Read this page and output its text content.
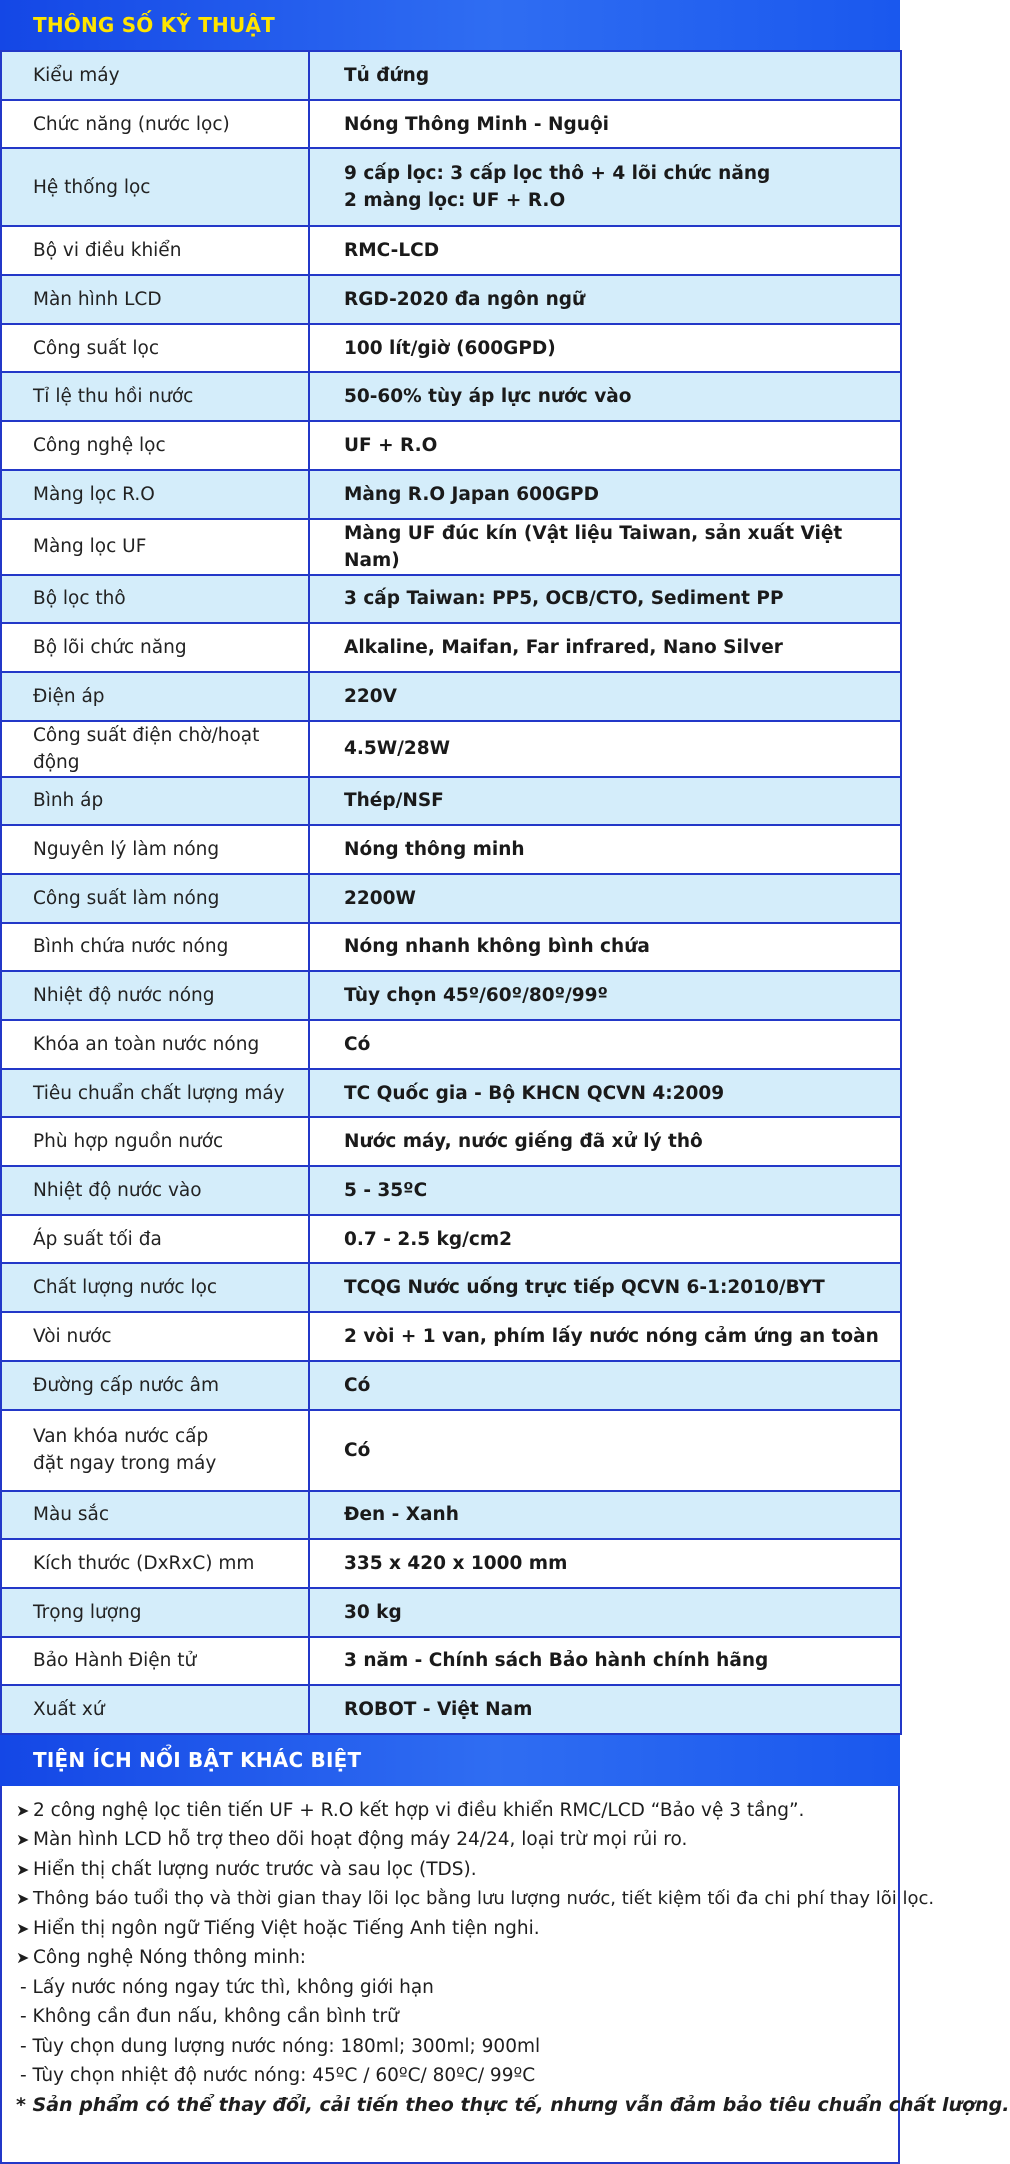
THÔNG SỐ KỸ THUẬT
Kiểu máy	Tủ đứng
Chức năng (nước lọc)	Nóng Thông Minh - Nguội
Hệ thống lọc	9 cấp lọc: 3 cấp lọc thô + 4 lõi chức năng
2 màng lọc: UF + R.O

Bộ vi điều khiển	RMC-LCD
Màn hình LCD	RGD-2020 đa ngôn ngữ
Công suất lọc	100 lít/giờ (600GPD)
Tỉ lệ thu hồi nước	50-60% tùy áp lực nước vào
Công nghệ lọc	UF + R.O
Màng lọc R.O	Màng R.O Japan 600GPD
Màng lọc UF	Màng UF đúc kín (Vật liệu Taiwan, sản xuất Việt Nam)
Bộ lọc thô	3 cấp Taiwan: PP5, OCB/CTO, Sediment PP
Bộ lõi chức năng	Alkaline, Maifan, Far infrared, Nano Silver
Điện áp	220V
Công suất điện chờ/hoạt động	4.5W/28W
Bình áp	Thép/NSF
Nguyên lý làm nóng	Nóng thông minh
Công suất làm nóng	2200W
Bình chứa nước nóng	Nóng nhanh không bình chứa
Nhiệt độ nước nóng	Tùy chọn 45º/60º/80º/99º
Khóa an toàn nước nóng	Có
Tiêu chuẩn chất lượng máy	TC Quốc gia - Bộ KHCN QCVN 4:2009
Phù hợp nguồn nước	Nước máy, nước giếng đã xử lý thô
Nhiệt độ nước vào	5 - 35ºC
Áp suất tối đa	0.7 - 2.5 kg/cm2
Chất lượng nước lọc	TCQG Nước uống trực tiếp QCVN 6-1:2010/BYT
Vòi nước	2 vòi + 1 van, phím lấy nước nóng cảm ứng an toàn
Đường cấp nước âm	Có

Van khóa nước cấp
đặt ngay trong máy	Có
Màu sắc	Đen - Xanh
Kích thước (DxRxC) mm	335 x 420 x 1000 mm
Trọng lượng	30 kg
Bảo Hành Điện tử	3 năm - Chính sách Bảo hành chính hãng
Xuất xứ	ROBOT - Việt Nam
TIỆN ÍCH NỔI BẬT KHÁC BIỆT
➤ 2 công nghệ lọc tiên tiến UF + R.O kết hợp vi điều khiển RMC/LCD “Bảo vệ 3 tầng”.
➤ Màn hình LCD hỗ trợ theo dõi hoạt động máy 24/24, loại trừ mọi rủi ro.
➤ Hiển thị chất lượng nước trước và sau lọc (TDS).
➤ Thông báo tuổi thọ và thời gian thay lõi lọc bằng lưu lượng nước, tiết kiệm tối đa chi phí thay lõi lọc.
➤ Hiển thị ngôn ngữ Tiếng Việt hoặc Tiếng Anh tiện nghi.
➤ Công nghệ Nóng thông minh:
- Lấy nước nóng ngay tức thì, không giới hạn
- Không cần đun nấu, không cần bình trữ
- Tùy chọn dung lượng nước nóng: 180ml; 300ml; 900ml
- Tùy chọn nhiệt độ nước nóng: 45ºC / 60ºC/ 80ºC/ 99ºC
* Sản phẩm có thể thay đổi, cải tiến theo thực tế, nhưng vẫn đảm bảo tiêu chuẩn chất lượng.
